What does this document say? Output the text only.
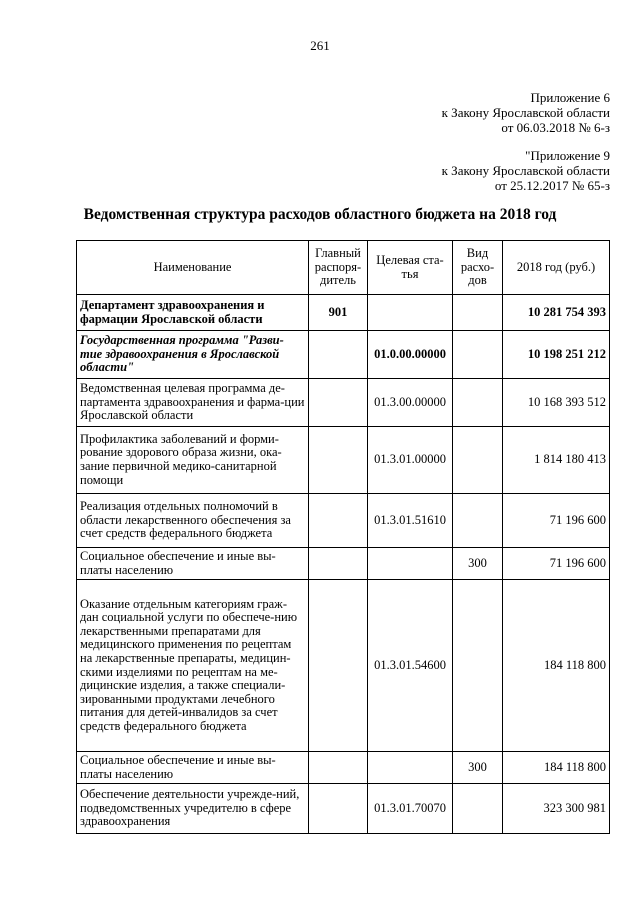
261
Приложение 6
к Закону Ярославской области
от 06.03.2018 № 6-з
"Приложение 9
к Закону Ярославской области
от 25.12.2017 № 65-з
Ведомственная структура расходов областного бюджета на 2018 год
Наименование	Главный распоря-дитель	Целевая ста-тья	Вид расхо-дов	2018 год (руб.)
Департамент здравоохранения и фармации Ярославской области	901			10 281 754 393
Государственная программа "Разви-тие здравоохранения в Ярославской области"		01.0.00.00000		10 198 251 212
Ведомственная целевая программа де-партамента здравоохранения и фарма-ции Ярославской области		01.3.00.00000		10 168 393 512
Профилактика заболеваний и форми-рование здорового образа жизни, ока-зание первичной медико-санитарной помощи		01.3.01.00000		1 814 180 413
Реализация отдельных полномочий в области лекарственного обеспечения за счет средств федерального бюджета		01.3.01.51610		71 196 600
Социальное обеспечение и иные вы-платы населению			300	71 196 600
Оказание отдельным категориям граж-дан социальной услуги по обеспече-нию лекарственными препаратами для медицинского применения по рецептам на лекарственные препараты, медицин-скими изделиями по рецептам на ме-дицинские изделия, а также специали-зированными продуктами лечебного питания для детей-инвалидов за счет средств федерального бюджета		01.3.01.54600		184 118 800
Социальное обеспечение и иные вы-платы населению			300	184 118 800
Обеспечение деятельности учрежде-ний, подведомственных учредителю в сфере здравоохранения		01.3.01.70070		323 300 981
